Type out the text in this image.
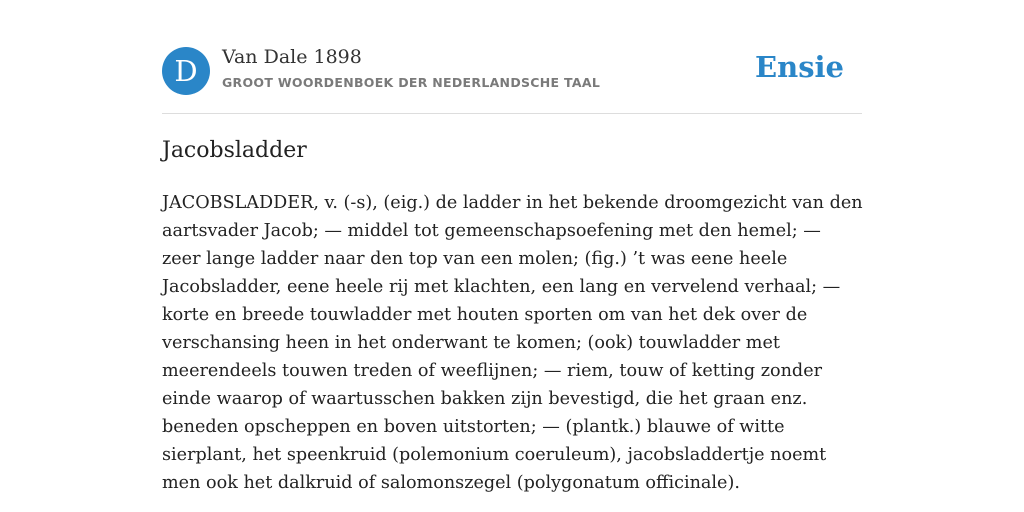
D	Van Dale 1898
GROOT WOORDENBOEK DER NEDERLANDSCHE TAAL	Ensie
Jacobsladder

JACOBSLADDER, v. (-s), (eig.) de ladder in het bekende droomgezicht van den aartsvader Jacob; — middel tot gemeenschapsoefening met den hemel; — zeer lange ladder naar den top van een molen; (fig.) ’t was eene heele Jacobsladder, eene heele rij met klachten, een lang en vervelend verhaal; — korte en breede touwladder met houten sporten om van het dek over de verschansing heen in het onderwant te komen; (ook) touwladder met meerendeels touwen treden of weeflijnen; — riem, touw of ketting zonder einde waarop of waartusschen bakken zijn bevestigd, die het graan enz. beneden opscheppen en boven uitstorten; — (plantk.) blauwe of witte sierplant, het speenkruid (polemonium coeruleum), jacobsladdertje noemt men ook het dalkruid of salomonszegel (polygonatum officinale).
